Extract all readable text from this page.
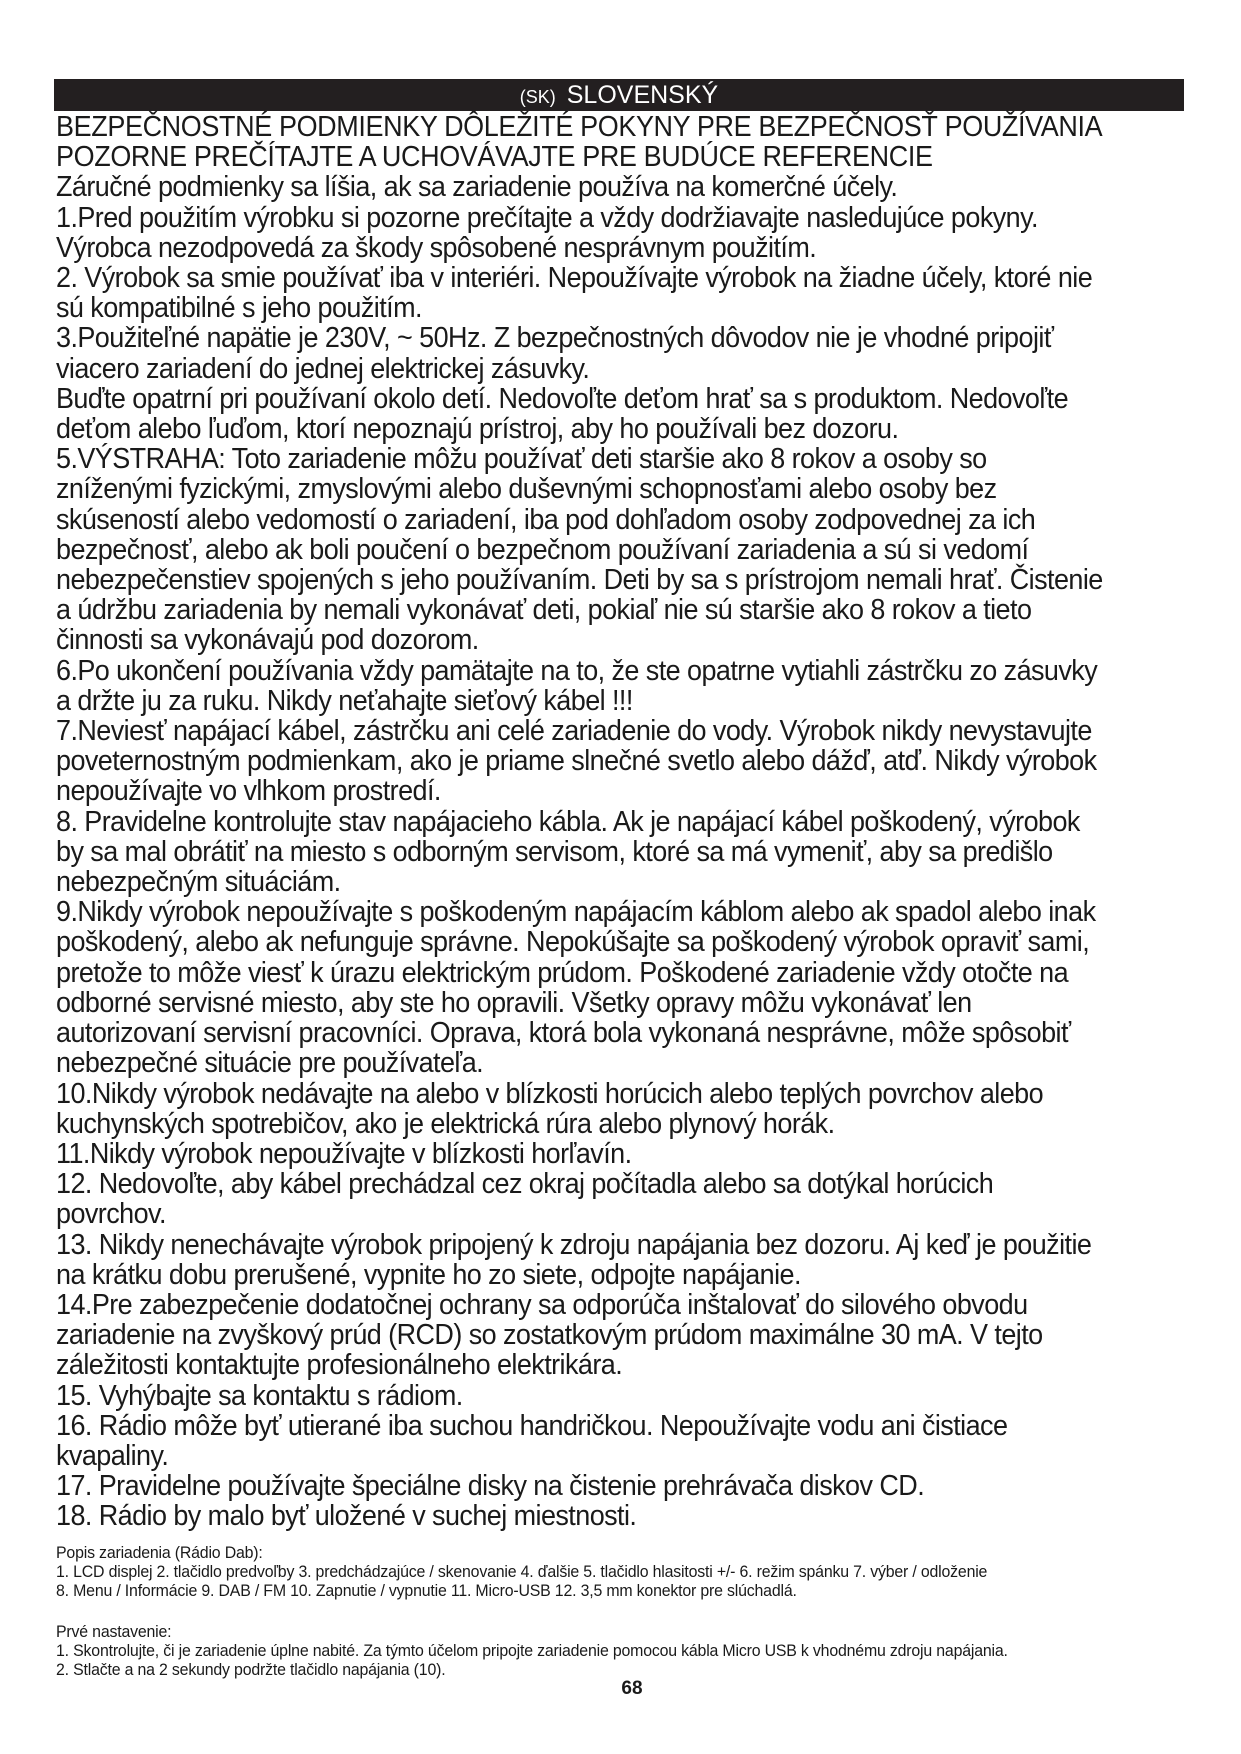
(SK) SLOVENSKÝ

BEZPEČNOSTNÉ PODMIENKY DÔLEŽITÉ POKYNY PRE BEZPEČNOSŤ POUŽÍVANIA

POZORNE PREČÍTAJTE A UCHOVÁVAJTE PRE BUDÚCE REFERENCIE

Záručné podmienky sa líšia, ak sa zariadenie používa na komerčné účely.

1.Pred použitím výrobku si pozorne prečítajte a vždy dodržiavajte nasledujúce pokyny. Výrobca nezodpovedá za škody spôsobené nesprávnym použitím.

2. Výrobok sa smie používať iba v interiéri. Nepoužívajte výrobok na žiadne účely, ktoré nie sú kompatibilné s jeho použitím.

3.Použiteľné napätie je 230V, ~ 50Hz. Z bezpečnostných dôvodov nie je vhodné pripojiť viacero zariadení do jednej elektrickej zásuvky.

Buďte opatrní pri používaní okolo detí. Nedovoľte deťom hrať sa s produktom. Nedovoľte deťom alebo ľuďom, ktorí nepoznajú prístroj, aby ho používali bez dozoru.

5.VÝSTRAHA: Toto zariadenie môžu používať deti staršie ako 8 rokov a osoby so zníženými fyzickými, zmyslovými alebo duševnými schopnosťami alebo osoby bez skúseností alebo vedomostí o zariadení, iba pod dohľadom osoby zodpovednej za ich bezpečnosť, alebo ak boli poučení o bezpečnom používaní zariadenia a sú si vedomí nebezpečenstiev spojených s jeho používaním. Deti by sa s prístrojom nemali hrať. Čistenie a údržbu zariadenia by nemali vykonávať deti, pokiaľ nie sú staršie ako 8 rokov a tieto činnosti sa vykonávajú pod dozorom.

6.Po ukončení používania vždy pamätajte na to, že ste opatrne vytiahli zástrčku zo zásuvky a držte ju za ruku. Nikdy neťahajte sieťový kábel !!!

7.Neviesť napájací kábel, zástrčku ani celé zariadenie do vody. Výrobok nikdy nevystavujte poveternostným podmienkam, ako je priame slnečné svetlo alebo dážď, atď. Nikdy výrobok nepoužívajte vo vlhkom prostredí.

8. Pravidelne kontrolujte stav napájacieho kábla. Ak je napájací kábel poškodený, výrobok by sa mal obrátiť na miesto s odborným servisom, ktoré sa má vymeniť, aby sa predišlo nebezpečným situáciám.

9.Nikdy výrobok nepoužívajte s poškodeným napájacím káblom alebo ak spadol alebo inak poškodený, alebo ak nefunguje správne. Nepokúšajte sa poškodený výrobok opraviť sami, pretože to môže viesť k úrazu elektrickým prúdom. Poškodené zariadenie vždy otočte na odborné servisné miesto, aby ste ho opravili. Všetky opravy môžu vykonávať len autorizovaní servisní pracovníci. Oprava, ktorá bola vykonaná nesprávne, môže spôsobiť nebezpečné situácie pre používateľa.

10.Nikdy výrobok nedávajte na alebo v blízkosti horúcich alebo teplých povrchov alebo kuchynských spotrebičov, ako je elektrická rúra alebo plynový horák.

11.Nikdy výrobok nepoužívajte v blízkosti horľavín.

12. Nedovoľte, aby kábel prechádzal cez okraj počítadla alebo sa dotýkal horúcich povrchov.

13. Nikdy nenechávajte výrobok pripojený k zdroju napájania bez dozoru. Aj keď je použitie na krátku dobu prerušené, vypnite ho zo siete, odpojte napájanie.

14.Pre zabezpečenie dodatočnej ochrany sa odporúča inštalovať do silového obvodu zariadenie na zvyškový prúd (RCD) so zostatkovým prúdom maximálne 30 mA. V tejto záležitosti kontaktujte profesionálneho elektrikára.

15. Vyhýbajte sa kontaktu s rádiom.

16. Rádio môže byť utierané iba suchou handričkou. Nepoužívajte vodu ani čistiace kvapaliny.

17. Pravidelne používajte špeciálne disky na čistenie prehrávača diskov CD.

18. Rádio by malo byť uložené v suchej miestnosti.

Popis zariadenia (Rádio Dab):

1. LCD displej 2. tlačidlo predvoľby 3. predchádzajúce / skenovanie 4. ďalšie 5. tlačidlo hlasitosti +/- 6. režim spánku 7. výber / odloženie

8. Menu / Informácie 9. DAB / FM 10. Zapnutie / vypnutie 11. Micro-USB 12. 3,5 mm konektor pre slúchadlá.

Prvé nastavenie:

1. Skontrolujte, či je zariadenie úplne nabité. Za týmto účelom pripojte zariadenie pomocou kábla Micro USB k vhodnému zdroju napájania.

2. Stlačte a na 2 sekundy podržte tlačidlo napájania (10).

68
